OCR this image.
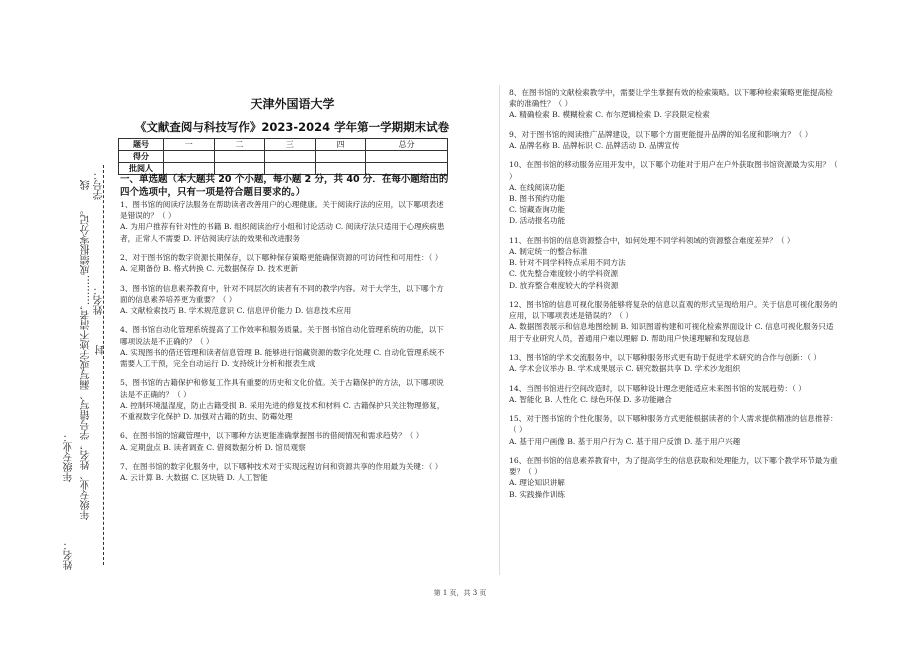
学号：
姓名：
………成绩报零分记。
年级专业、姓名，学号错写、漏写或字迹不清者，
线
封
年级专业：
姓名：
天津外国语大学
《文献查阅与科技写作》2023-2024 学年第一学期期末试卷
题号	一	二	三	四	总分
得分					
批阅人					
一、单选题（本大题共 20 个小题，每小题 2 分，共 40 分．在每小题给出的四个选项中，只有一项是符合题目要求的。）

1、图书馆的阅读疗法服务在帮助读者改善用户的心理健康。关于阅读疗法的应用，以下哪项表述是错误的？（ ）

A. 为用户推荐有针对性的书籍 B. 组织阅读治疗小组和讨论活动 C. 阅读疗法只适用于心理疾病患者，正常人不需要 D. 评估阅读疗法的效果和改进服务

2、对于图书馆的数字资源长期保存，以下哪种保存策略更能确保资源的可访问性和可用性：（ ）

A. 定期备份 B. 格式转换 C. 元数据保存 D. 技术更新

3、图书馆的信息素养教育中，针对不同层次的读者有不同的教学内容。对于大学生，以下哪个方面的信息素养培养更为重要？（ ）

A. 文献检索技巧 B. 学术规范意识 C. 信息评价能力 D. 信息技术应用

4、图书馆自动化管理系统提高了工作效率和服务质量。关于图书馆自动化管理系统的功能，以下哪项说法是不正确的？（ ）

A. 实现图书的借还管理和读者信息管理 B. 能够进行馆藏资源的数字化处理 C. 自动化管理系统不需要人工干预，完全自动运行 D. 支持统计分析和报表生成

5、图书馆的古籍保护和修复工作具有重要的历史和文化价值。关于古籍保护的方法，以下哪项说法是不正确的？（ ）

A. 控制环境温湿度，防止古籍受损 B. 采用先进的修复技术和材料 C. 古籍保护只关注物理修复，不重视数字化保护 D. 加强对古籍的防虫、防霉处理

6、在图书馆的馆藏管理中，以下哪种方法更能准确掌握图书的借阅情况和需求趋势？（ ）

A. 定期盘点 B. 读者调查 C. 借阅数据分析 D. 馆员观察

7、在图书馆的数字化服务中，以下哪种技术对于实现远程访问和资源共享的作用最为关键：（ ）

A. 云计算 B. 大数据 C. 区块链 D. 人工智能

8、在图书馆的文献检索教学中，需要让学生掌握有效的检索策略。以下哪种检索策略更能提高检索的准确性？（ ）

A. 精确检索 B. 模糊检索 C. 布尔逻辑检索 D. 字段限定检索

9、对于图书馆的阅读推广品牌建设，以下哪个方面更能提升品牌的知名度和影响力？（ ）

A. 品牌名称 B. 品牌标识 C. 品牌活动 D. 品牌宣传

10、在图书馆的移动服务应用开发中，以下哪个功能对于用户在户外获取图书馆资源最为实用？（ ）

A. 在线阅读功能

B. 图书预约功能

C. 馆藏查询功能

D. 活动报名功能

11、在图书馆的信息资源整合中，如何处理不同学科领域的资源整合难度差异？（ ）

A. 制定统一的整合标准

B. 针对不同学科特点采用不同方法

C. 优先整合难度较小的学科资源

D. 放弃整合难度较大的学科资源

12、图书馆的信息可视化服务能够将复杂的信息以直观的形式呈现给用户。关于信息可视化服务的应用，以下哪项表述是错误的？（ ）

A. 数据图表展示和信息地图绘制 B. 知识图谱构建和可视化检索界面设计 C. 信息可视化服务只适用于专业研究人员，普通用户难以理解 D. 帮助用户快速理解和发现信息

13、图书馆的学术交流服务中，以下哪种服务形式更有助于促进学术研究的合作与创新：（ ）

A. 学术会议举办 B. 学术成果展示 C. 研究数据共享 D. 学术沙龙组织

14、当图书馆进行空间改造时，以下哪种设计理念更能适应未来图书馆的发展趋势：（ ）

A. 智能化 B. 人性化 C. 绿色环保 D. 多功能融合

15、对于图书馆的个性化服务，以下哪种服务方式更能根据读者的个人需求提供精准的信息推荐：（ ）

A. 基于用户画像 B. 基于用户行为 C. 基于用户反馈 D. 基于用户兴趣

16、在图书馆的信息素养教育中，为了提高学生的信息获取和处理能力，以下哪个教学环节最为重要？（ ）

A. 理论知识讲解

B. 实践操作训练

第 1 页，共 3 页
